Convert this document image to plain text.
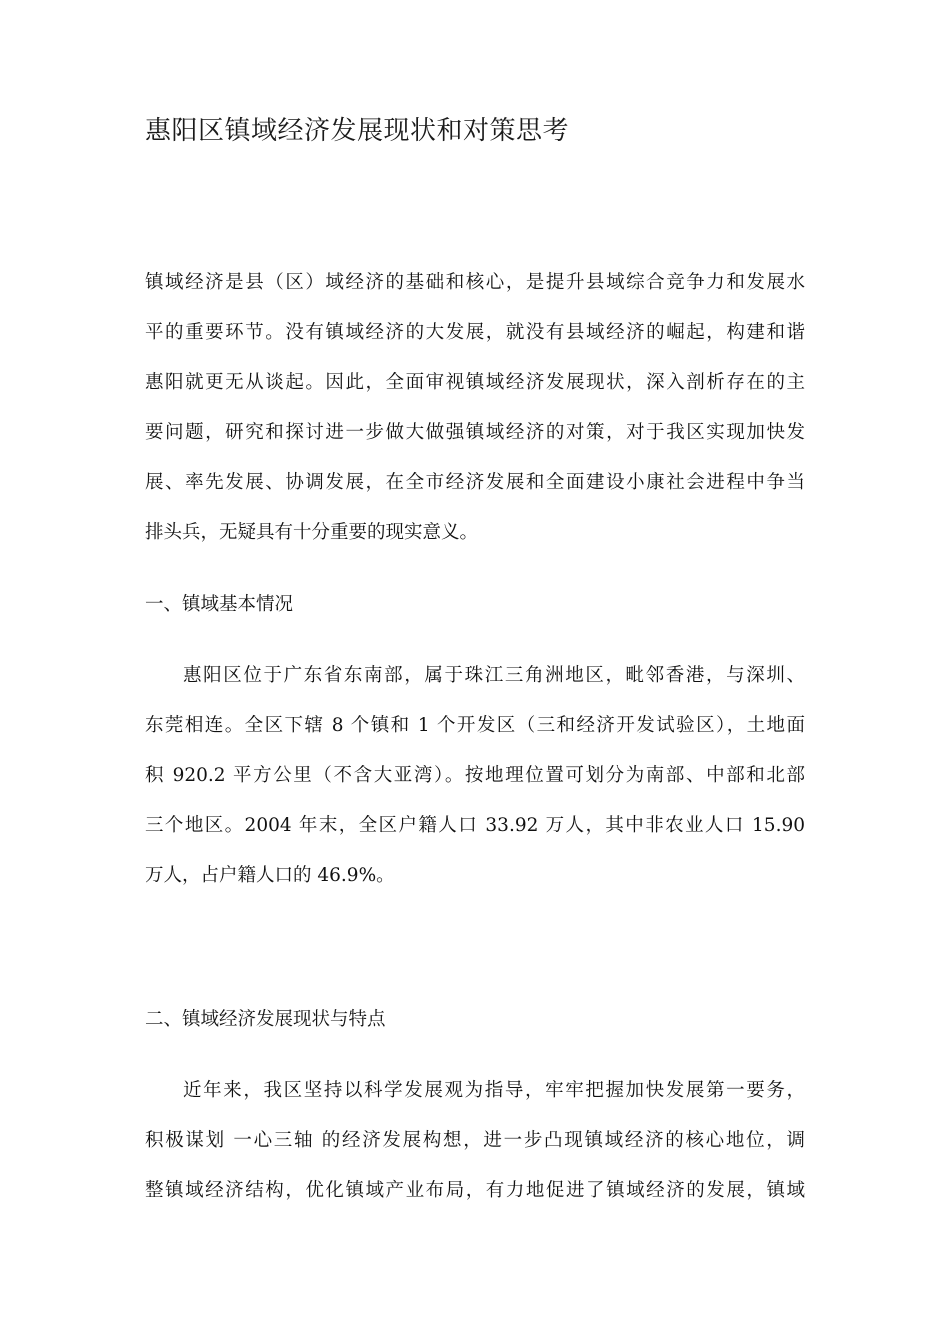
惠阳区镇域经济发展现状和对策思考
镇域经济是县（区）域经济的基础和核心，是提升县域综合竞争力和发展水
平的重要环节。没有镇域经济的大发展，就没有县域经济的崛起，构建和谐
惠阳就更无从谈起。因此，全面审视镇域经济发展现状，深入剖析存在的主
要问题，研究和探讨进一步做大做强镇域经济的对策，对于我区实现加快发
展、率先发展、协调发展，在全市经济发展和全面建设小康社会进程中争当
排头兵，无疑具有十分重要的现实意义。
一、镇域基本情况
惠阳区位于广东省东南部，属于珠江三角洲地区，毗邻香港，与深圳、
东莞相连。全区下辖 8 个镇和 1 个开发区（三和经济开发试验区），土地面
积 920.2 平方公里（不含大亚湾）。按地理位置可划分为南部、中部和北部
三个地区。2004 年末，全区户籍人口 33.92 万人，其中非农业人口 15.90
万人，占户籍人口的 46.9%。
二、镇域经济发展现状与特点
近年来，我区坚持以科学发展观为指导，牢牢把握加快发展第一要务，
积极谋划 一心三轴 的经济发展构想，进一步凸现镇域经济的核心地位，调
整镇域经济结构，优化镇域产业布局，有力地促进了镇域经济的发展，镇域
